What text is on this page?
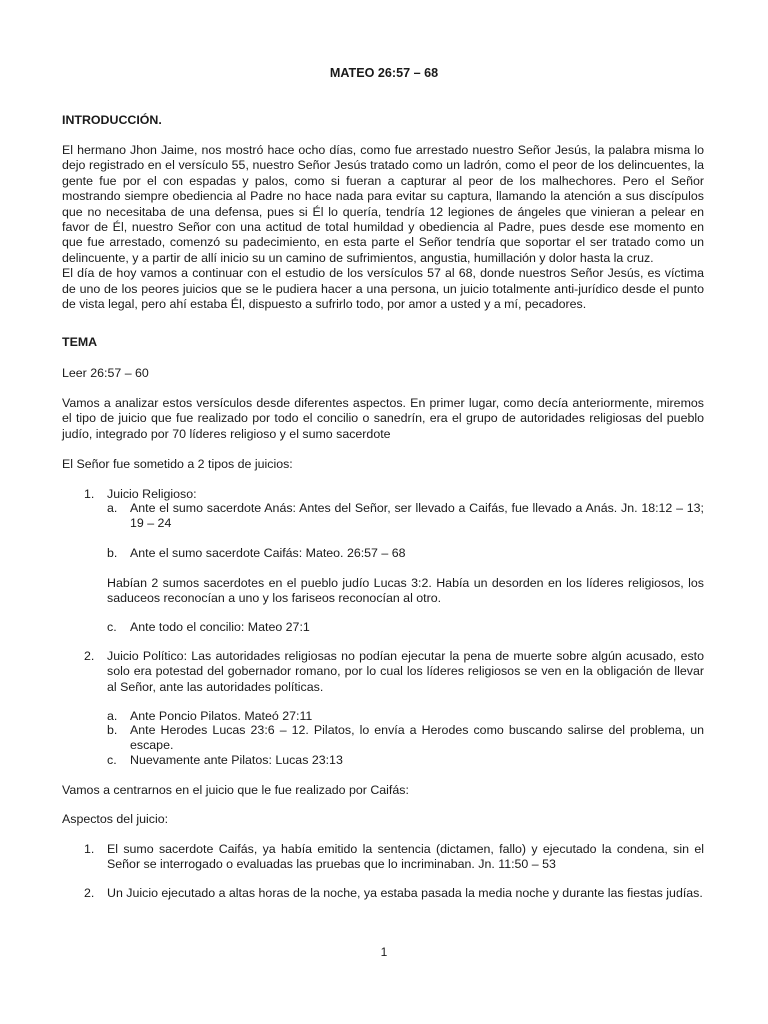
MATEO 26:57 – 68
INTRODUCCIÓN.

El hermano Jhon Jaime, nos mostró hace ocho días, como fue arrestado nuestro Señor Jesús, la palabra misma lo dejo registrado en el versículo 55, nuestro Señor Jesús tratado como un ladrón, como el peor de los delincuentes, la gente fue por el con espadas y palos, como si fueran a capturar al peor de los malhechores. Pero el Señor mostrando siempre obediencia al Padre no hace nada para evitar su captura, llamando la atención a sus discípulos que no necesitaba de una defensa, pues si Él lo quería, tendría 12 legiones de ángeles que vinieran a pelear en favor de Él, nuestro Señor con una actitud de total humildad y obediencia al Padre, pues desde ese momento en que fue arrestado, comenzó su padecimiento, en esta parte el Señor tendría que soportar el ser tratado como un delincuente, y a partir de allí inicio su un camino de sufrimientos, angustia, humillación y dolor hasta la cruz.

El día de hoy vamos a continuar con el estudio de los versículos 57 al 68, donde nuestros Señor Jesús, es víctima de uno de los peores juicios que se le pudiera hacer a una persona, un juicio totalmente anti-jurídico desde el punto de vista legal, pero ahí estaba Él, dispuesto a sufrirlo todo, por amor a usted y a mí, pecadores.

TEMA
Leer 26:57 – 60
Vamos a analizar estos versículos desde diferentes aspectos. En primer lugar, como decía anteriormente, miremos el tipo de juicio que fue realizado por todo el concilio o sanedrín, era el grupo de autoridades religiosas del pueblo judío, integrado por 70 líderes religioso y el sumo sacerdote
El Señor fue sometido a 2 tipos de juicios:
1. Juicio Religioso:
a. Ante el sumo sacerdote Anás: Antes del Señor, ser llevado a Caifás, fue llevado a Anás. Jn. 18:12 – 13; 19 – 24
b. Ante el sumo sacerdote Caifás: Mateo. 26:57 – 68
Habían 2 sumos sacerdotes en el pueblo judío Lucas 3:2. Había un desorden en los líderes religiosos, los saduceos reconocían a uno y los fariseos reconocían al otro.
c. Ante todo el concilio: Mateo 27:1
2. Juicio Político: Las autoridades religiosas no podían ejecutar la pena de muerte sobre algún acusado, esto solo era potestad del gobernador romano, por lo cual los líderes religiosos se ven en la obligación de llevar al Señor, ante las autoridades políticas.
a. Ante Poncio Pilatos. Mateó 27:11
b. Ante Herodes Lucas 23:6 – 12. Pilatos, lo envía a Herodes como buscando salirse del problema, un escape.
c. Nuevamente ante Pilatos: Lucas 23:13
Vamos a centrarnos en el juicio que le fue realizado por Caifás:
Aspectos del juicio:
1. El sumo sacerdote Caifás, ya había emitido la sentencia (dictamen, fallo) y ejecutado la condena, sin el Señor se interrogado o evaluadas las pruebas que lo incriminaban. Jn. 11:50 – 53
2. Un Juicio ejecutado a altas horas de la noche, ya estaba pasada la media noche y durante las fiestas judías.
1
